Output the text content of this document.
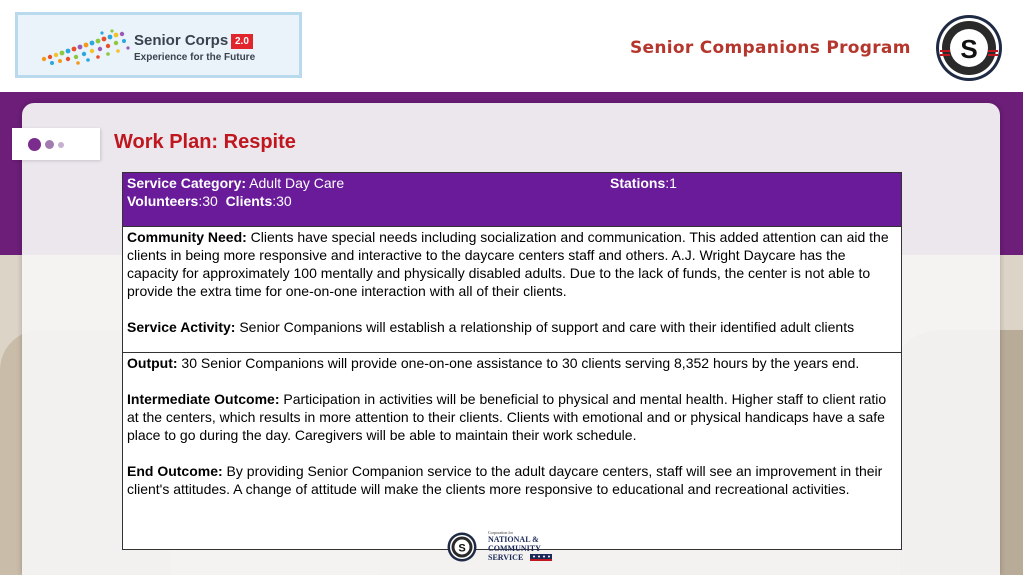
Senior Corps 2.0
Experience for the Future	Senior Companions Program S
Work Plan: Respite
Service Category: Adult Day Care	Stations:1
Volunteers:30 Clients:30
Community Need: Clients have special needs including socialization and communication. This added attention can aid the clients in being more responsive and interactive to the daycare centers staff and others. A.J. Wright Daycare has the capacity for approximately 100 mentally and physically disabled adults. Due to the lack of funds, the center is not able to provide the extra time for one-on-one interaction with all of their clients.
Service Activity: Senior Companions will establish a relationship of support and care with their identified adult clients
Output: 30 Senior Companions will provide one-on-one assistance to 30 clients serving 8,352 hours by the years end.
Intermediate Outcome: Participation in activities will be beneficial to physical and mental health. Higher staff to client ratio at the centers, which results in more attention to their clients. Clients with emotional and or physical handicaps have a safe place to go during the day. Caregivers will be able to maintain their work schedule.
End Outcome: By providing Senior Companion service to the adult daycare centers, staff will see an improvement in their client's attitudes. A change of attitude will make the clients more responsive to educational and recreational activities.
S
Corporation for
NATIONAL &
COMMUNITY
SERVICE
